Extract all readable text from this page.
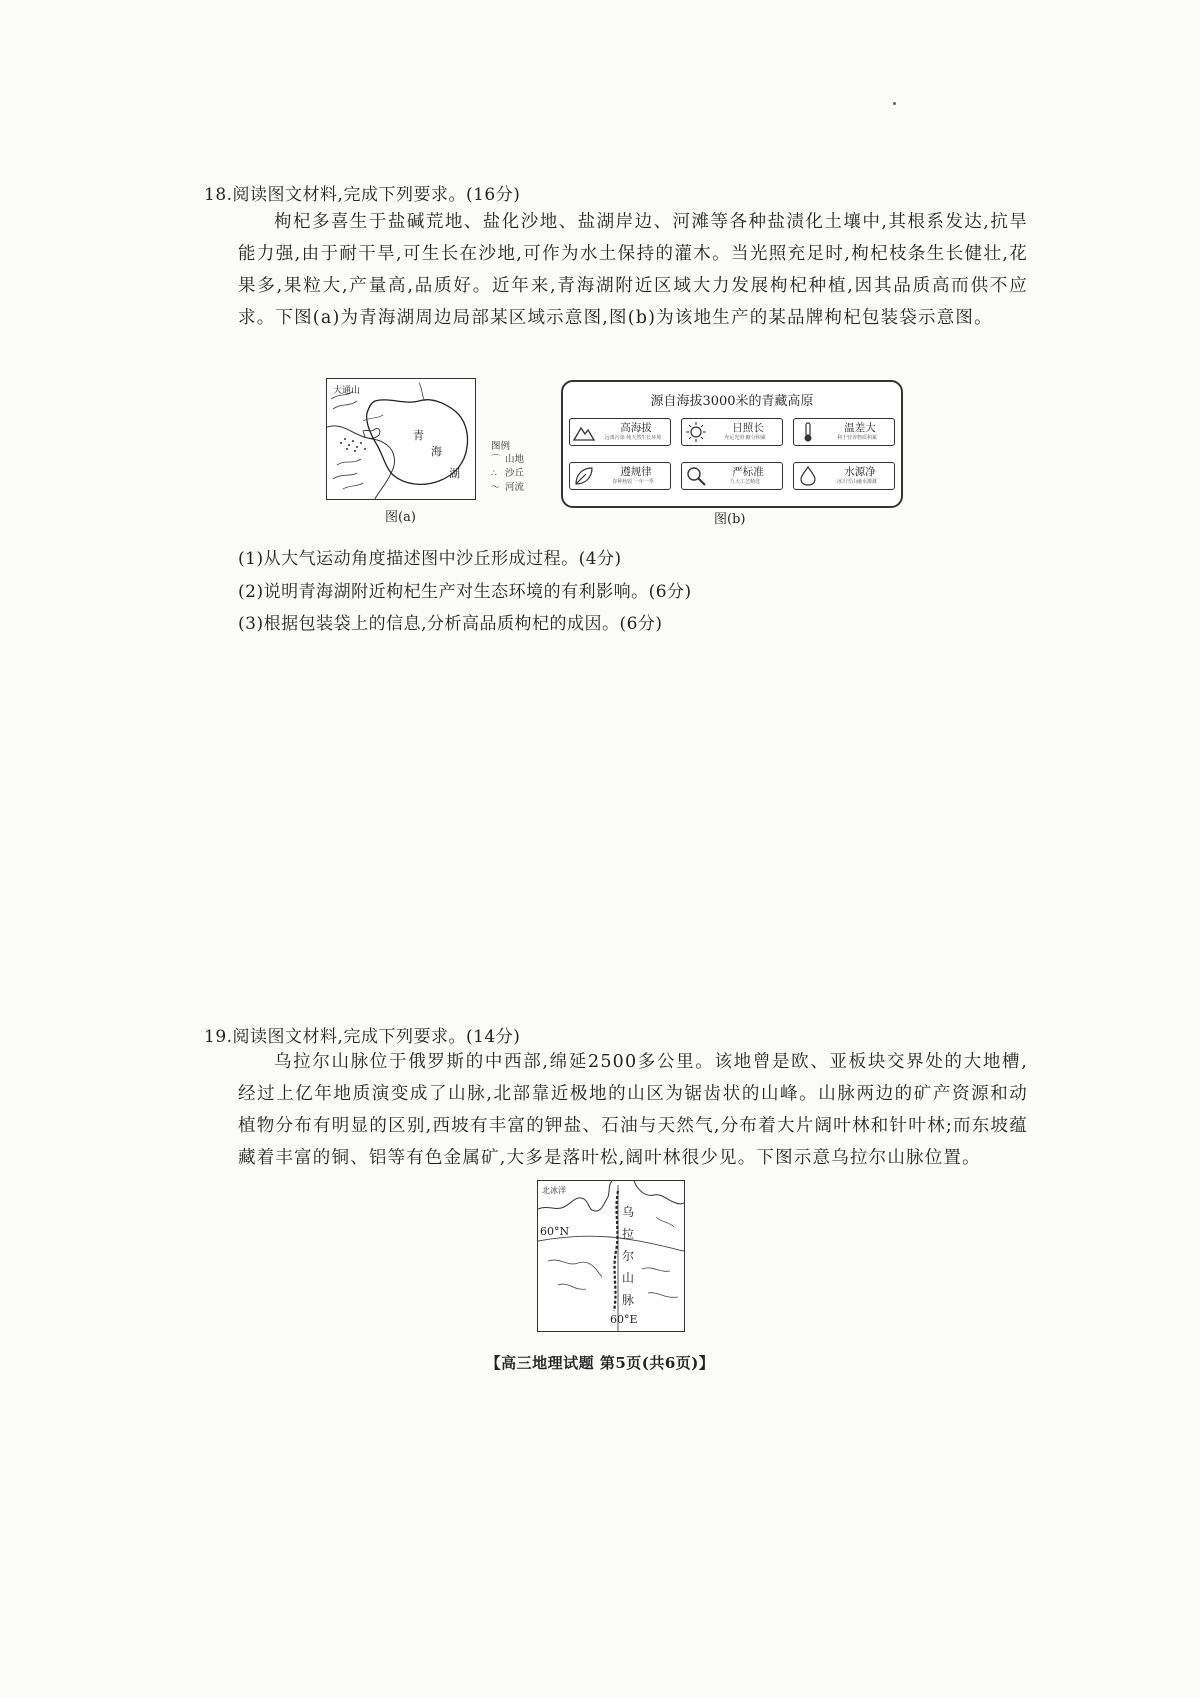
18.阅读图文材料,完成下列要求。(16分)
枸杞多喜生于盐碱荒地、盐化沙地、盐湖岸边、河滩等各种盐渍化土壤中,其根系发达,抗旱能力强,由于耐干旱,可生长在沙地,可作为水土保持的灌木。当光照充足时,枸杞枝条生长健壮,花果多,果粒大,产量高,品质好。近年来,青海湖附近区域大力发展枸杞种植,因其品质高而供不应求。下图(a)为青海湖周边局部某区域示意图,图(b)为该地生产的某品牌枸杞包装袋示意图。
大通山
青
海
湖
图例
⌒ 山地
∴ 沙丘
～ 河流
图(a)
源自海拔3000米的青藏高原
高海拔
远离污染 纯天然生长环境
日照长
充足光照 糖分积累
温差大
利于营养物质积累
遵规律
春种秋收 一年一季
严标准
九大工艺精选
水源净
冰川雪山融水灌溉
图(b)
(1)从大气运动角度描述图中沙丘形成过程。(4分)
(2)说明青海湖附近枸杞生产对生态环境的有利影响。(6分)
(3)根据包装袋上的信息,分析高品质枸杞的成因。(6分)
19.阅读图文材料,完成下列要求。(14分)
乌拉尔山脉位于俄罗斯的中西部,绵延2500多公里。该地曾是欧、亚板块交界处的大地槽,经过上亿年地质演变成了山脉,北部靠近极地的山区为锯齿状的山峰。山脉两边的矿产资源和动植物分布有明显的区别,西坡有丰富的钾盐、石油与天然气,分布着大片阔叶林和针叶林;而东坡蕴藏着丰富的铜、铝等有色金属矿,大多是落叶松,阔叶林很少见。下图示意乌拉尔山脉位置。
北冰洋
60°N
60°E
乌
拉
尔
山
脉
【高三地理试题 第5页(共6页)】
